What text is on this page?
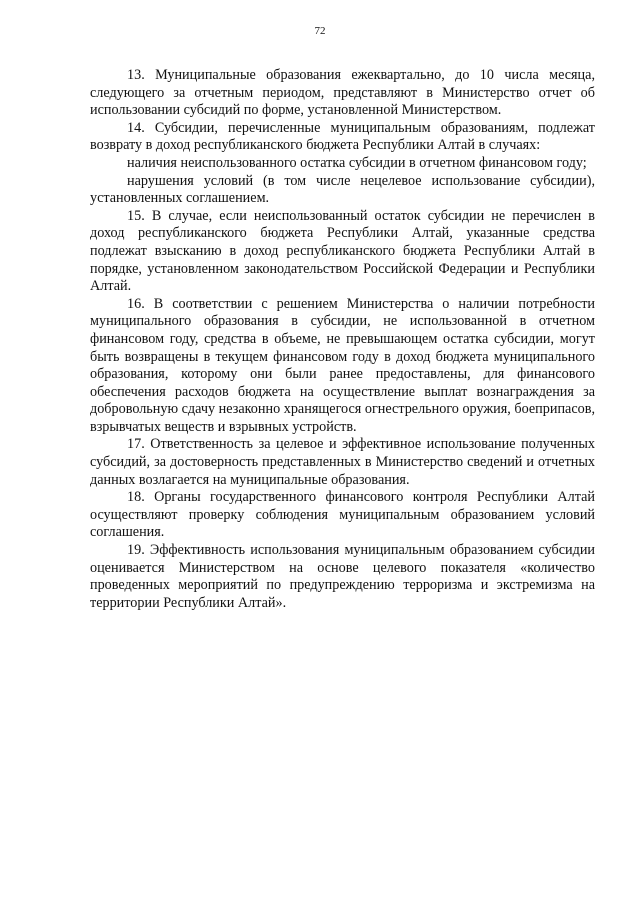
72

13. Муниципальные образования ежеквартально, до 10 числа месяца, следующего за отчетным периодом, представляют в Министерство отчет об использовании субсидий по форме, установленной Министерством.

14. Субсидии, перечисленные муниципальным образованиям, подлежат возврату в доход республиканского бюджета Республики Алтай в случаях:

наличия неиспользованного остатка субсидии в отчетном финансовом году;

нарушения условий (в том числе нецелевое использование субсидии), установленных соглашением.

15. В случае, если неиспользованный остаток субсидии не перечислен в доход республиканского бюджета Республики Алтай, указанные средства подлежат взысканию в доход республиканского бюджета Республики Алтай в порядке, установленном законодательством Российской Федерации и Республики Алтай.

16. В соответствии с решением Министерства о наличии потребности муниципального образования в субсидии, не использованной в отчетном финансовом году, средства в объеме, не превышающем остатка субсидии, могут быть возвращены в текущем финансовом году в доход бюджета муниципального образования, которому они были ранее предоставлены, для финансового обеспечения расходов бюджета на осуществление выплат вознаграждения за добровольную сдачу незаконно хранящегося огнестрельного оружия, боеприпасов, взрывчатых веществ и взрывных устройств.

17. Ответственность за целевое и эффективное использование полученных субсидий, за достоверность представленных в Министерство сведений и отчетных данных возлагается на муниципальные образования.

18. Органы государственного финансового контроля Республики Алтай осуществляют проверку соблюдения муниципальным образованием условий соглашения.

19. Эффективность использования муниципальным образованием субсидии оценивается Министерством на основе целевого показателя «количество проведенных мероприятий по предупреждению терроризма и экстремизма на территории Республики Алтай».
